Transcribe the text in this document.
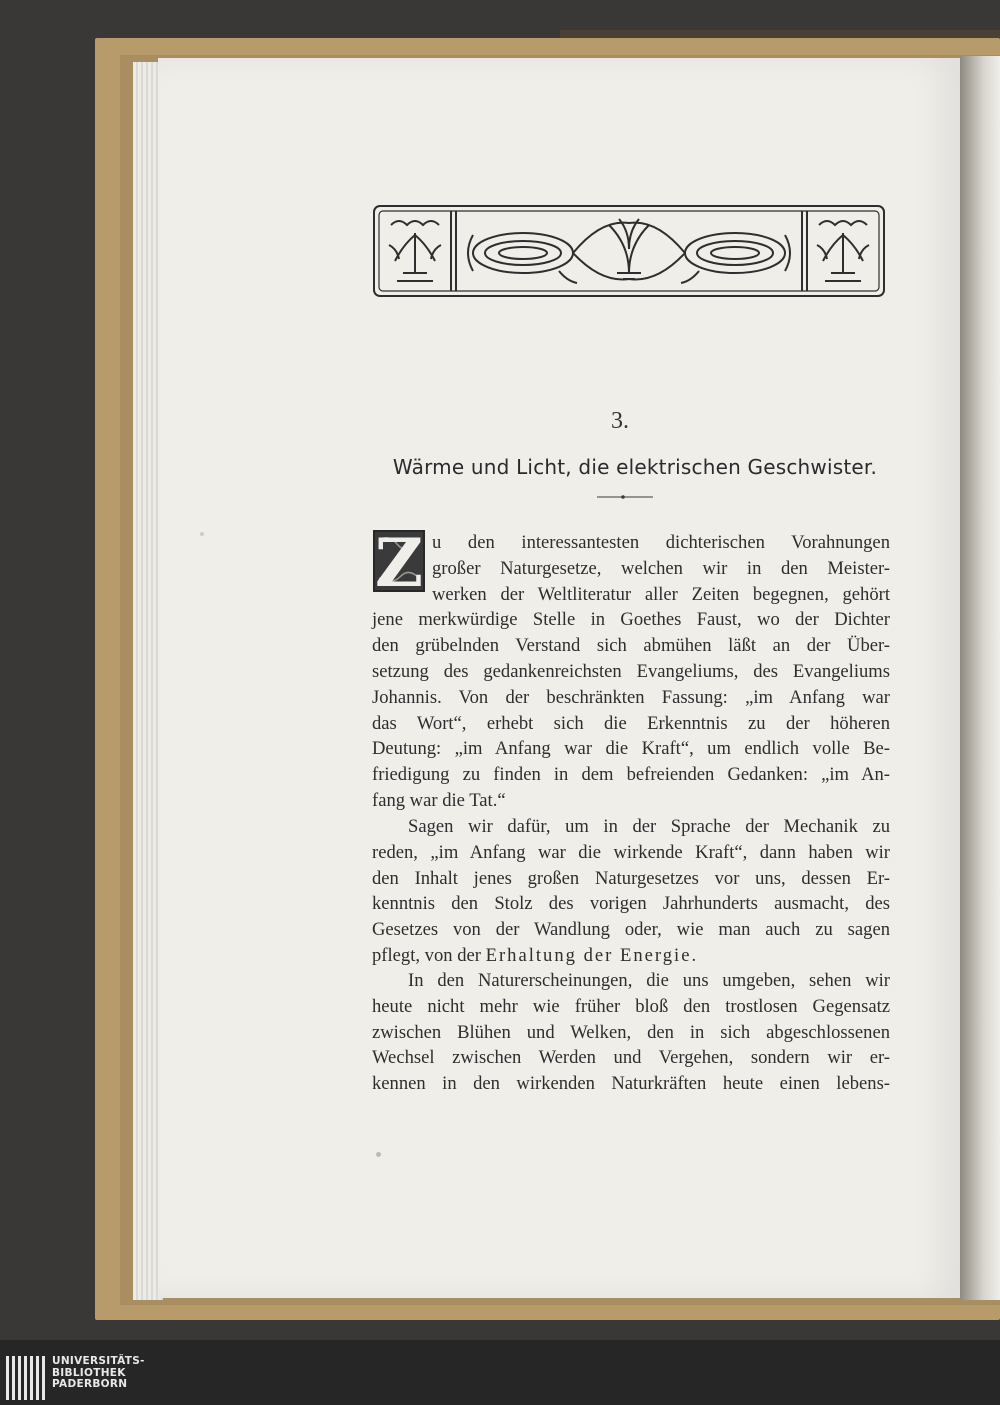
3.
Wärme und Licht, die elektrischen Geschwister.
Z u den interessantesten dichterischen Vorahnungen
großer Naturgesetze, welchen wir in den Meister-
werken der Weltliteratur aller Zeiten begegnen, gehört
jene merkwürdige Stelle in Goethes Faust, wo der Dichter
den grübelnden Verstand sich abmühen läßt an der Über-
setzung des gedankenreichsten Evangeliums, des Evangeliums
Johannis. Von der beschränkten Fassung: „im Anfang war
das Wort“, erhebt sich die Erkenntnis zu der höheren
Deutung: „im Anfang war die Kraft“, um endlich volle Be-
friedigung zu finden in dem befreienden Gedanken: „im An-
fang war die Tat.“
Sagen wir dafür, um in der Sprache der Mechanik zu
reden, „im Anfang war die wirkende Kraft“, dann haben wir
den Inhalt jenes großen Naturgesetzes vor uns, dessen Er-
kenntnis den Stolz des vorigen Jahrhunderts ausmacht, des
Gesetzes von der Wandlung oder, wie man auch zu sagen
pflegt, von der Erhaltung der Energie.
In den Naturerscheinungen, die uns umgeben, sehen wir
heute nicht mehr wie früher bloß den trostlosen Gegensatz
zwischen Blühen und Welken, den in sich abgeschlossenen
Wechsel zwischen Werden und Vergehen, sondern wir er-
kennen in den wirkenden Naturkräften heute einen lebens-
UNIVERSITÄTS-
BIBLIOTHEK
PADERBORN
